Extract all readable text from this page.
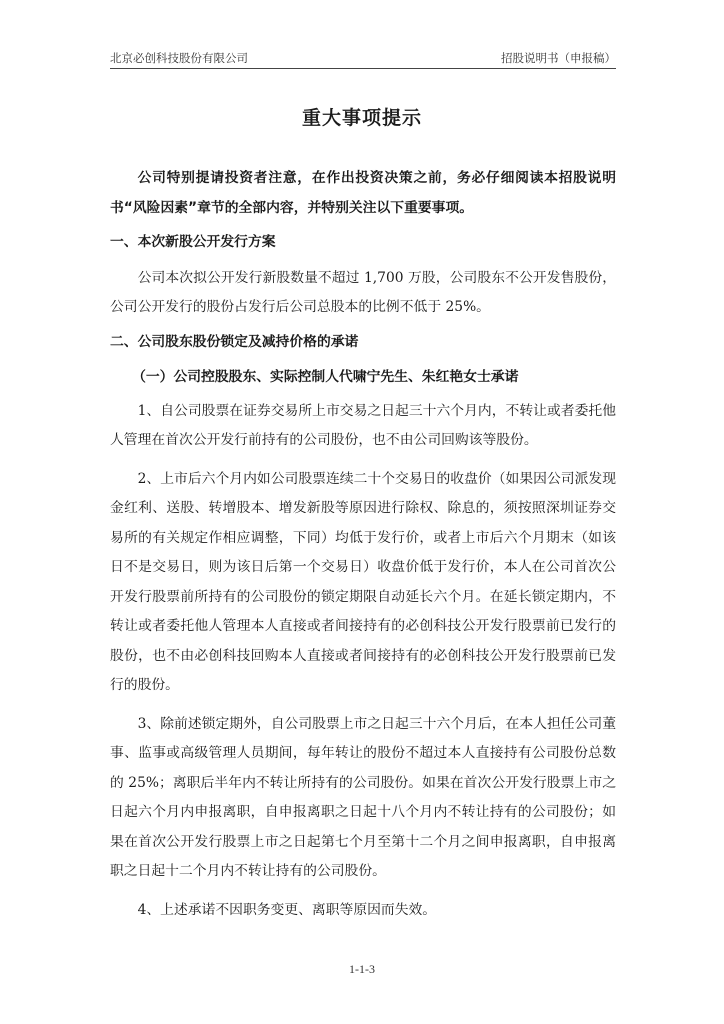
北京必创科技股份有限公司	招股说明书（申报稿）
重大事项提示

公司特别提请投资者注意，在作出投资决策之前，务必仔细阅读本招股说明书“风险因素”章节的全部内容，并特别关注以下重要事项。

一、本次新股公开发行方案

公司本次拟公开发行新股数量不超过 1,700 万股，公司股东不公开发售股份，公司公开发行的股份占发行后公司总股本的比例不低于 25%。

二、公司股东股份锁定及减持价格的承诺

（一）公司控股股东、实际控制人代啸宁先生、朱红艳女士承诺

1、自公司股票在证券交易所上市交易之日起三十六个月内，不转让或者委托他人管理在首次公开发行前持有的公司股份，也不由公司回购该等股份。

2、上市后六个月内如公司股票连续二十个交易日的收盘价（如果因公司派发现金红利、送股、转增股本、增发新股等原因进行除权、除息的，须按照深圳证券交易所的有关规定作相应调整，下同）均低于发行价，或者上市后六个月期末（如该日不是交易日，则为该日后第一个交易日）收盘价低于发行价，本人在公司首次公开发行股票前所持有的公司股份的锁定期限自动延长六个月。在延长锁定期内，不转让或者委托他人管理本人直接或者间接持有的必创科技公开发行股票前已发行的股份，也不由必创科技回购本人直接或者间接持有的必创科技公开发行股票前已发行的股份。

3、除前述锁定期外，自公司股票上市之日起三十六个月后，在本人担任公司董事、监事或高级管理人员期间，每年转让的股份不超过本人直接持有公司股份总数的 25%；离职后半年内不转让所持有的公司股份。如果在首次公开发行股票上市之日起六个月内申报离职，自申报离职之日起十八个月内不转让持有的公司股份；如果在首次公开发行股票上市之日起第七个月至第十二个月之间申报离职，自申报离职之日起十二个月内不转让持有的公司股份。

4、上述承诺不因职务变更、离职等原因而失效。

1-1-3
